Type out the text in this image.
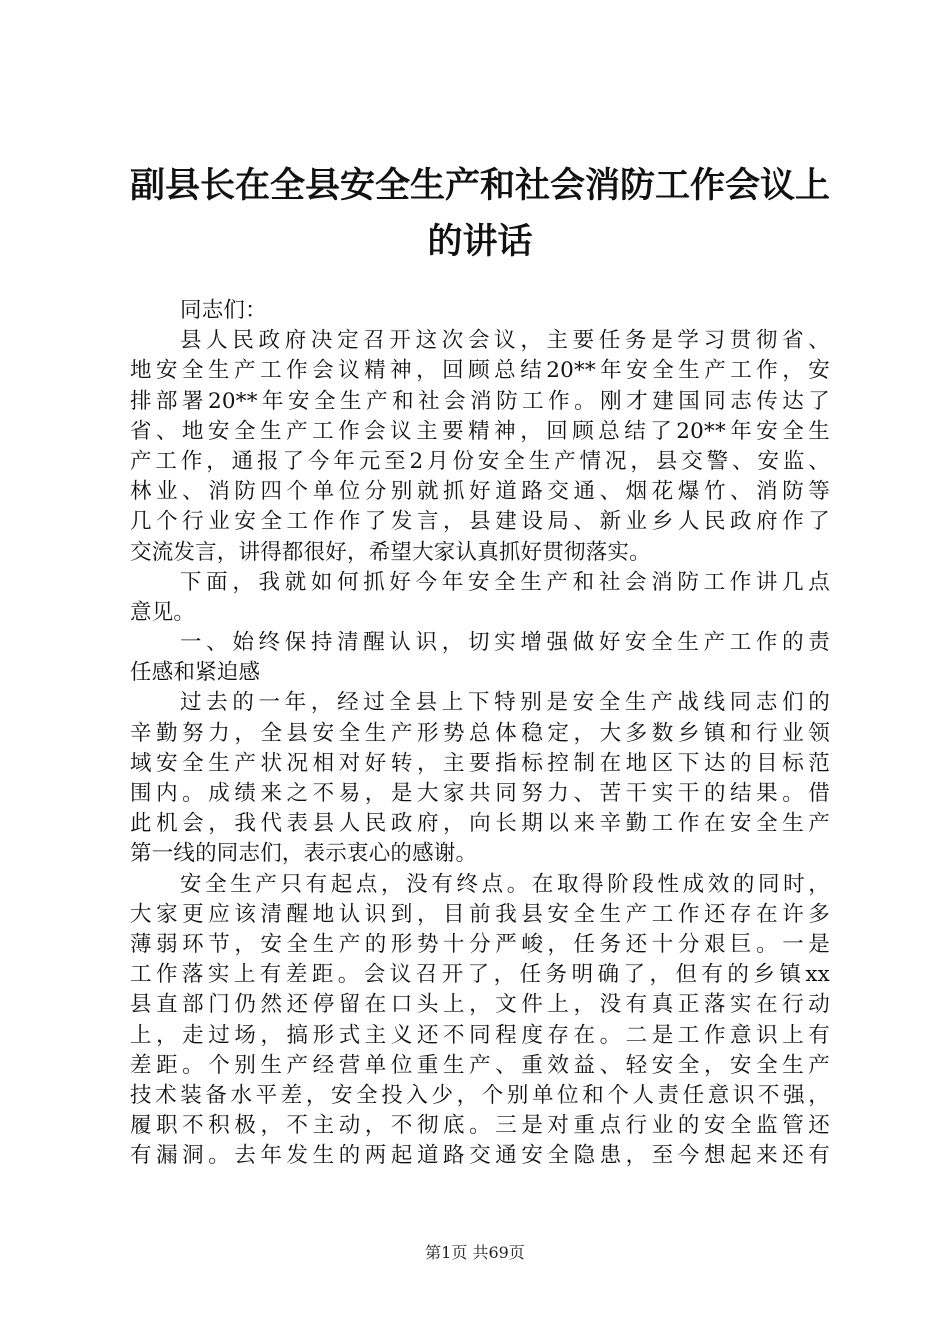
副县长在全县安全生产和社会消防工作会议上
的讲话
同志们：
县人民政府决定召开这次会议，主要任务是学习贯彻省、
地安全生产工作会议精神，回顾总结20**年安全生产工作，安
排部署20**年安全生产和社会消防工作。刚才建国同志传达了
省、地安全生产工作会议主要精神，回顾总结了20**年安全生
产工作，通报了今年元至2月份安全生产情况，县交警、安监、
林业、消防四个单位分别就抓好道路交通、烟花爆竹、消防等
几个行业安全工作作了发言，县建设局、新业乡人民政府作了
交流发言，讲得都很好，希望大家认真抓好贯彻落实。
下面，我就如何抓好今年安全生产和社会消防工作讲几点
意见。
一、始终保持清醒认识，切实增强做好安全生产工作的责
任感和紧迫感
过去的一年，经过全县上下特别是安全生产战线同志们的
辛勤努力，全县安全生产形势总体稳定，大多数乡镇和行业领
域安全生产状况相对好转，主要指标控制在地区下达的目标范
围内。成绩来之不易，是大家共同努力、苦干实干的结果。借
此机会，我代表县人民政府，向长期以来辛勤工作在安全生产
第一线的同志们，表示衷心的感谢。
安全生产只有起点，没有终点。在取得阶段性成效的同时，
大家更应该清醒地认识到，目前我县安全生产工作还存在许多
薄弱环节，安全生产的形势十分严峻，任务还十分艰巨。一是
工作落实上有差距。会议召开了，任务明确了，但有的乡镇xx
县直部门仍然还停留在口头上，文件上，没有真正落实在行动
上，走过场，搞形式主义还不同程度存在。二是工作意识上有
差距。个别生产经营单位重生产、重效益、轻安全，安全生产
技术装备水平差，安全投入少，个别单位和个人责任意识不强，
履职不积极，不主动，不彻底。三是对重点行业的安全监管还
有漏洞。去年发生的两起道路交通安全隐患，至今想起来还有
第1页 共69页
